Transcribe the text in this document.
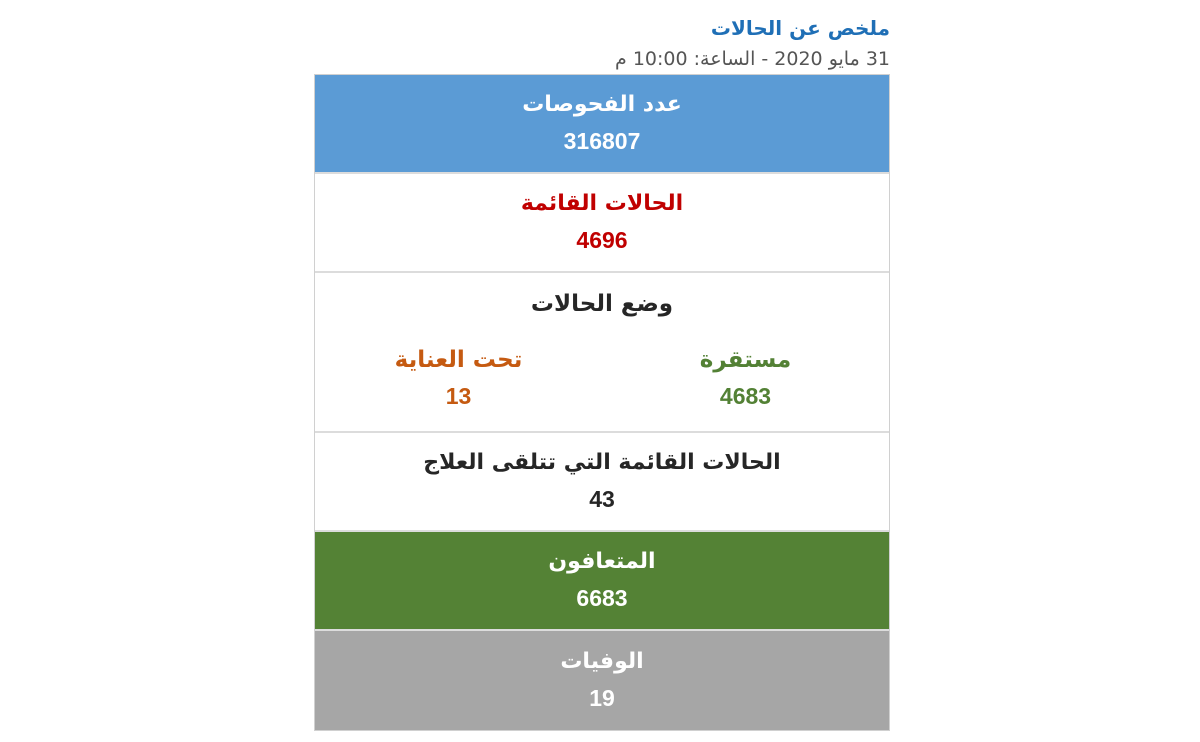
ملخص عن الحالات
31 مايو 2020 - الساعة: 10:00 م
عدد الفحوصات
316807
الحالات القائمة
4696
وضع الحالات
مستقرة
4683
تحت العناية
13
الحالات القائمة التي تتلقى العلاج
43
المتعافون
6683
الوفيات
19
